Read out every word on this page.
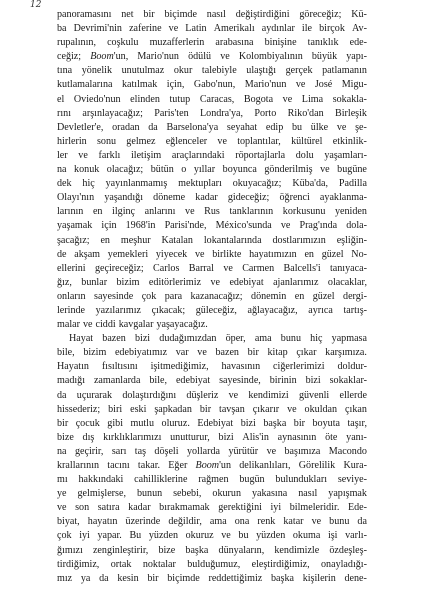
12
panoramasını net bir biçimde nasıl değiştirdiğini göreceğiz; Kü-
ba Devrimi'nin zaferine ve Latin Amerikalı aydınlar ile birçok Av-
rupalının, coşkulu muzafferlerin arabasına binişine tanıklık ede-
ceğiz; Boom'un, Mario'nun ödülü ve Kolombiyalının büyük yapı-
tına yönelik unutulmaz okur talebiyle ulaştığı gerçek patlamanın
kutlamalarına katılmak için, Gabo'nun, Mario'nun ve José Migu-
el Oviedo'nun elinden tutup Caracas, Bogota ve Lima sokakla-
rını arşınlayacağız; Paris'ten Londra'ya, Porto Riko'dan Birleşik
Devletler'e, oradan da Barselona'ya seyahat edip bu ülke ve şe-
hirlerin sonu gelmez eğlenceler ve toplantılar, kültürel etkinlik-
ler ve farklı iletişim araçlarındaki röportajlarla dolu yaşamları-
na konuk olacağız; bütün o yıllar boyunca gönderilmiş ve bugüne
dek hiç yayınlanmamış mektupları okuyacağız; Küba'da, Padilla
Olayı'nın yaşandığı döneme kadar gideceğiz; öğrenci ayaklanma-
larının en ilginç anlarını ve Rus tanklarının korkusunu yeniden
yaşamak için 1968'in Parisi'nde, México'sunda ve Prag'ında dola-
şacağız; en meşhur Katalan lokantalarında dostlarımızın eşliğin-
de akşam yemekleri yiyecek ve birlikte hayatımızın en güzel No-
ellerini geçireceğiz; Carlos Barral ve Carmen Balcells'i tanıyaca-
ğız, bunlar bizim editörlerimiz ve edebiyat ajanlarımız olacaklar,
onların sayesinde çok para kazanacağız; dönemin en güzel dergi-
lerinde yazılarımız çıkacak; güleceğiz, ağlayacağız, ayrıca tartış-
malar ve ciddi kavgalar yaşayacağız.
Hayat bazen bizi dudağımızdan öper, ama bunu hiç yapmasa
bile, bizim edebiyatımız var ve bazen bir kitap çıkar karşımıza.
Hayatın fısıltısını işitmediğimiz, havasının ciğerlerimizi doldur-
madığı zamanlarda bile, edebiyat sayesinde, birinin bizi sokaklar-
da uçurarak dolaştırdığını düşleriz ve kendimizi güvenli ellerde
hissederiz; biri eski şapkadan bir tavşan çıkarır ve okuldan çıkan
bir çocuk gibi mutlu oluruz. Edebiyat bizi başka bir boyuta taşır,
bize dış kırklıklarımızı unutturur, bizi Alis'in aynasının öte yanı-
na geçirir, sarı taş döşeli yollarda yürütür ve başımıza Macondo
krallarının tacını takar. Eğer Boom'un delikanlıları, Görelilik Kura-
mı hakkındaki cahilliklerine rağmen bugün bulundukları seviye-
ye gelmişlerse, bunun sebebi, okurun yakasına nasıl yapışmak
ve son satıra kadar bırakmamak gerektiğini iyi bilmeleridir. Ede-
biyat, hayatın üzerinde değildir, ama ona renk katar ve bunu da
çok iyi yapar. Bu yüzden okuruz ve bu yüzden okuma işi varlı-
ğımızı zenginleştirir, bize başka dünyaların, kendimizle özdeşleş-
tirdiğimiz, ortak noktalar bulduğumuz, eleştirdiğimiz, onayladığı-
mız ya da kesin bir biçimde reddettiğimiz başka kişilerin dene-
